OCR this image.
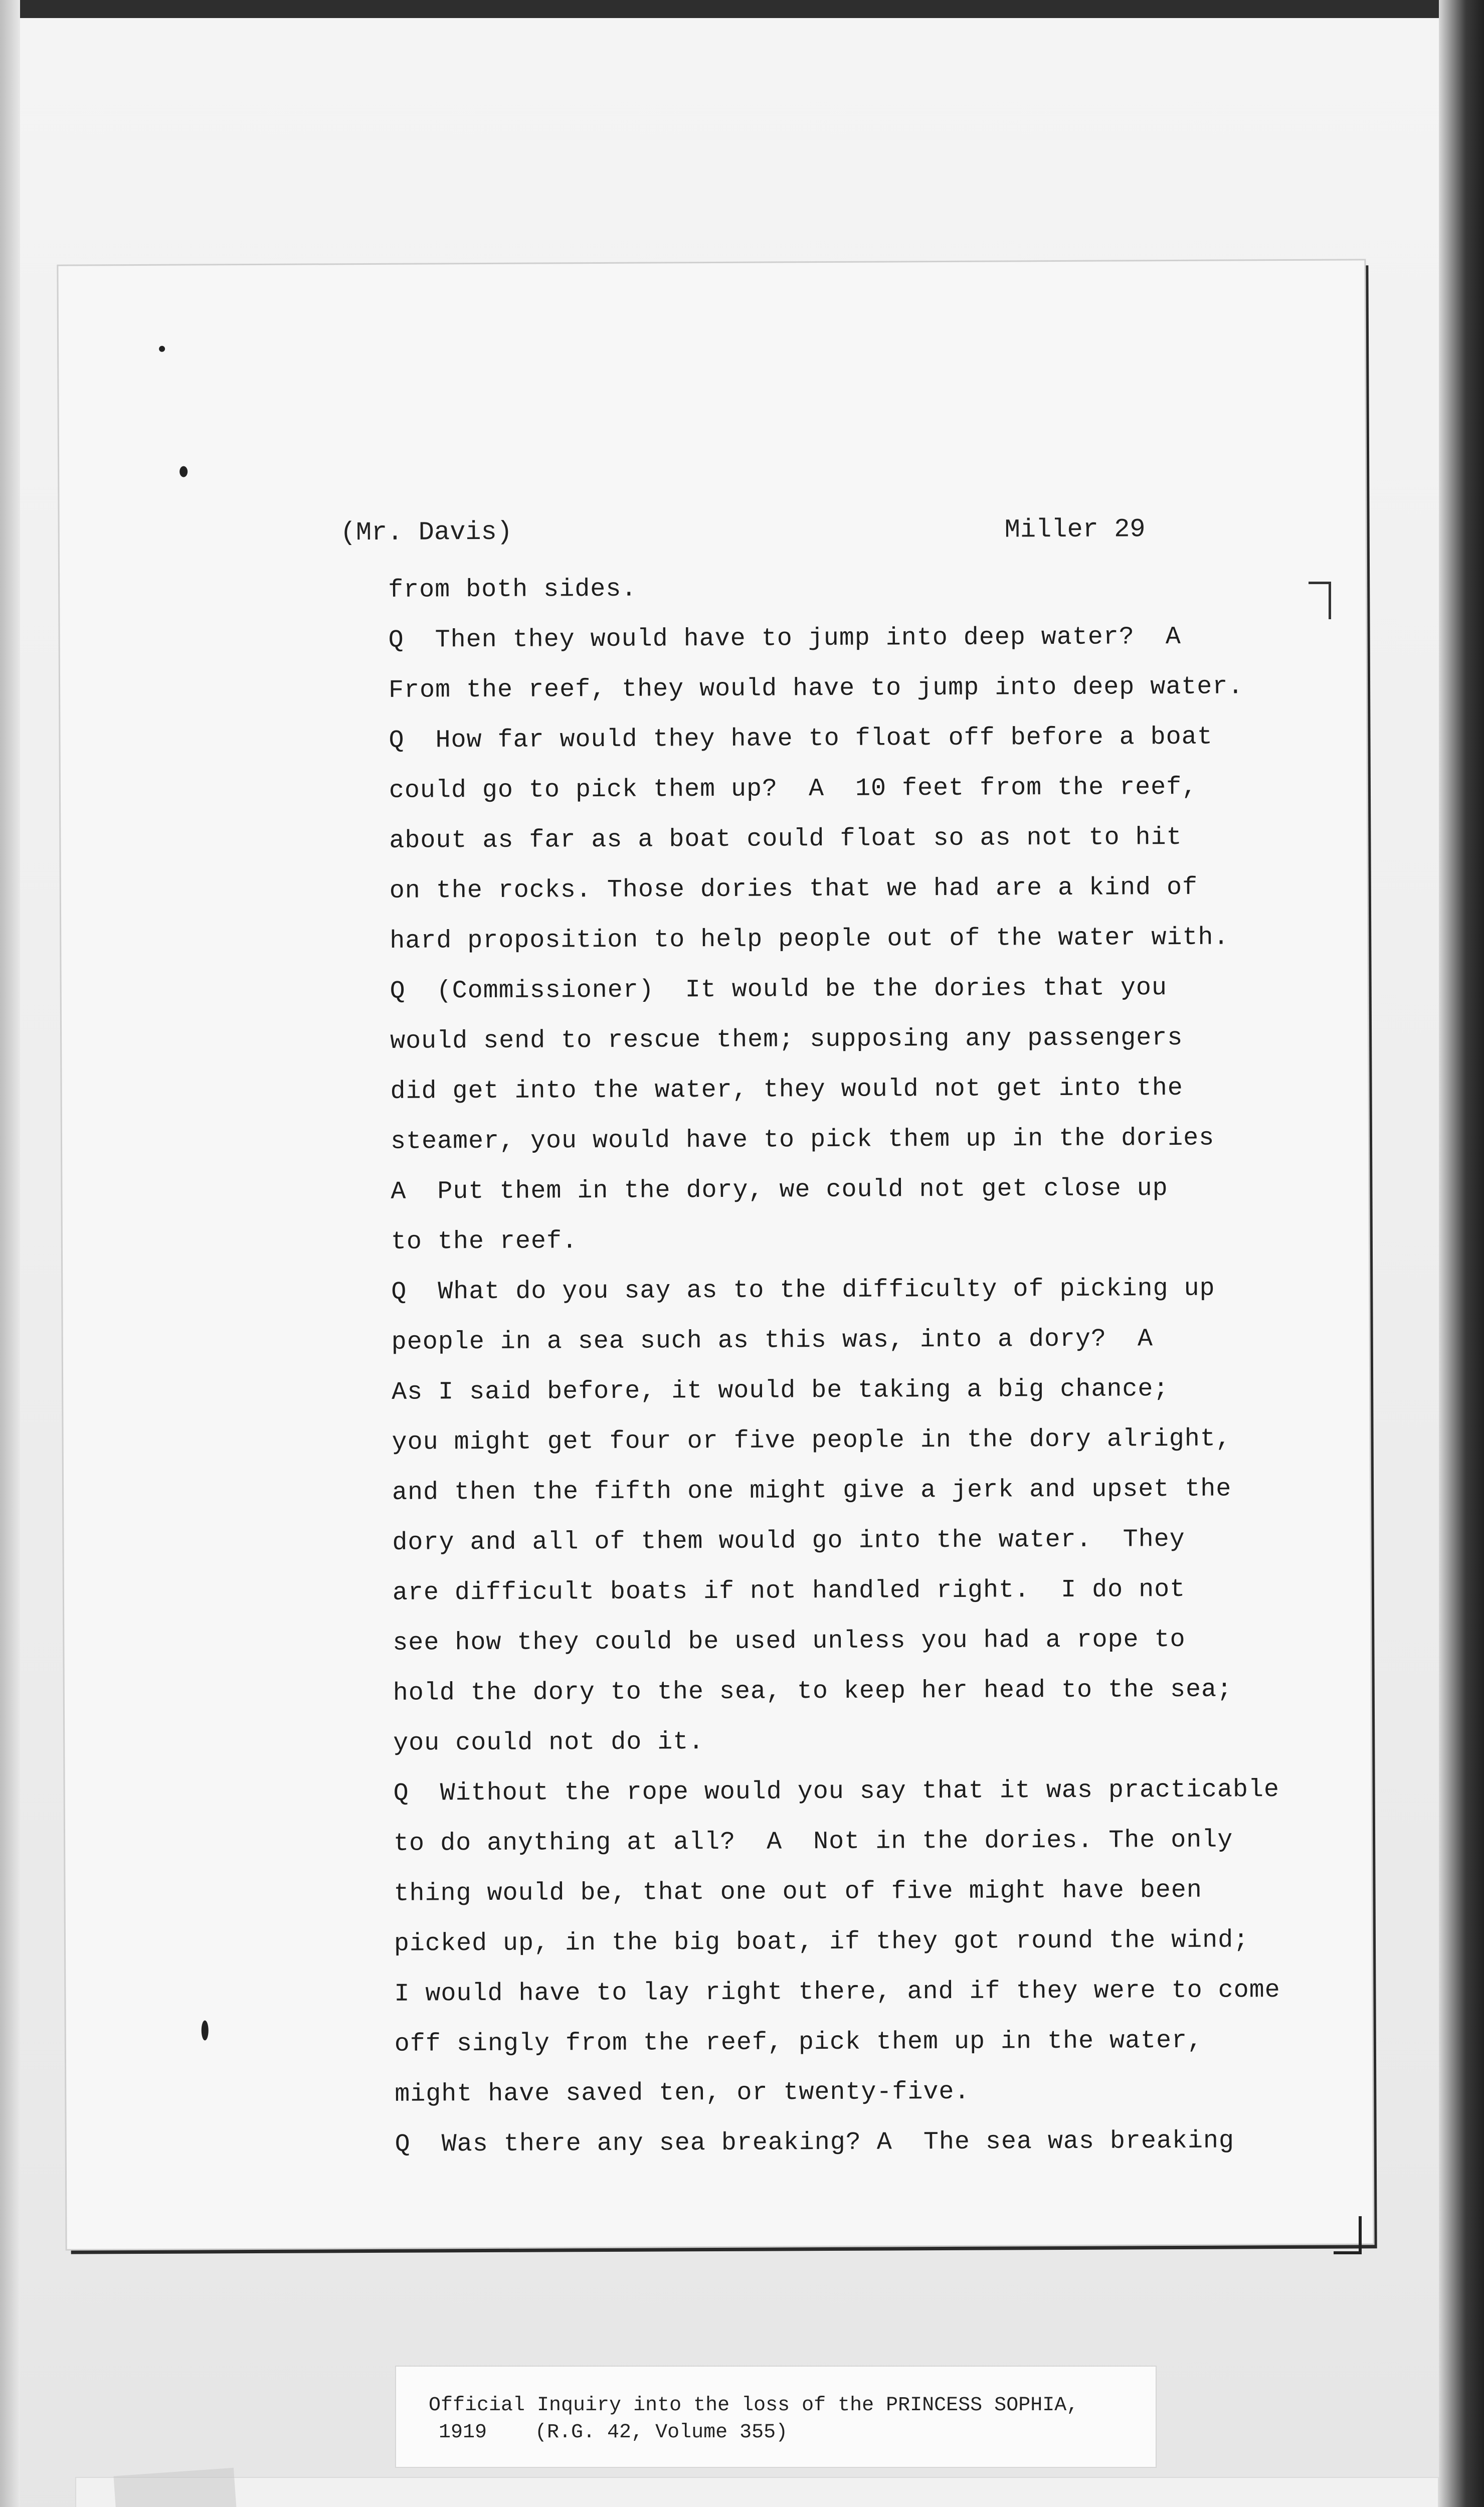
(Mr. Davis)	Miller 29
from both sides.
Q  Then they would have to jump into deep water?  A
From the reef, they would have to jump into deep water.
Q  How far would they have to float off before a boat
could go to pick them up?  A  10 feet from the reef,
about as far as a boat could float so as not to hit
on the rocks. Those dories that we had are a kind of
hard proposition to help people out of the water with.
Q  (Commissioner)  It would be the dories that you
would send to rescue them; supposing any passengers
did get into the water, they would not get into the
steamer, you would have to pick them up in the dories
A  Put them in the dory, we could not get close up
to the reef.
Q  What do you say as to the difficulty of picking up
people in a sea such as this was, into a dory?  A
As I said before, it would be taking a big chance;
you might get four or five people in the dory alright,
and then the fifth one might give a jerk and upset the
dory and all of them would go into the water.  They
are difficult boats if not handled right.  I do not
see how they could be used unless you had a rope to
hold the dory to the sea, to keep her head to the sea;
you could not do it.
Q  Without the rope would you say that it was practicable
to do anything at all?  A  Not in the dories. The only
thing would be, that one out of five might have been
picked up, in the big boat, if they got round the wind;
I would have to lay right there, and if they were to come
off singly from the reef, pick them up in the water,
might have saved ten, or twenty-five.
Q  Was there any sea breaking? A  The sea was breaking
Official Inquiry into the loss of the PRINCESS SOPHIA,
1919    (R.G. 42, Volume 355)
